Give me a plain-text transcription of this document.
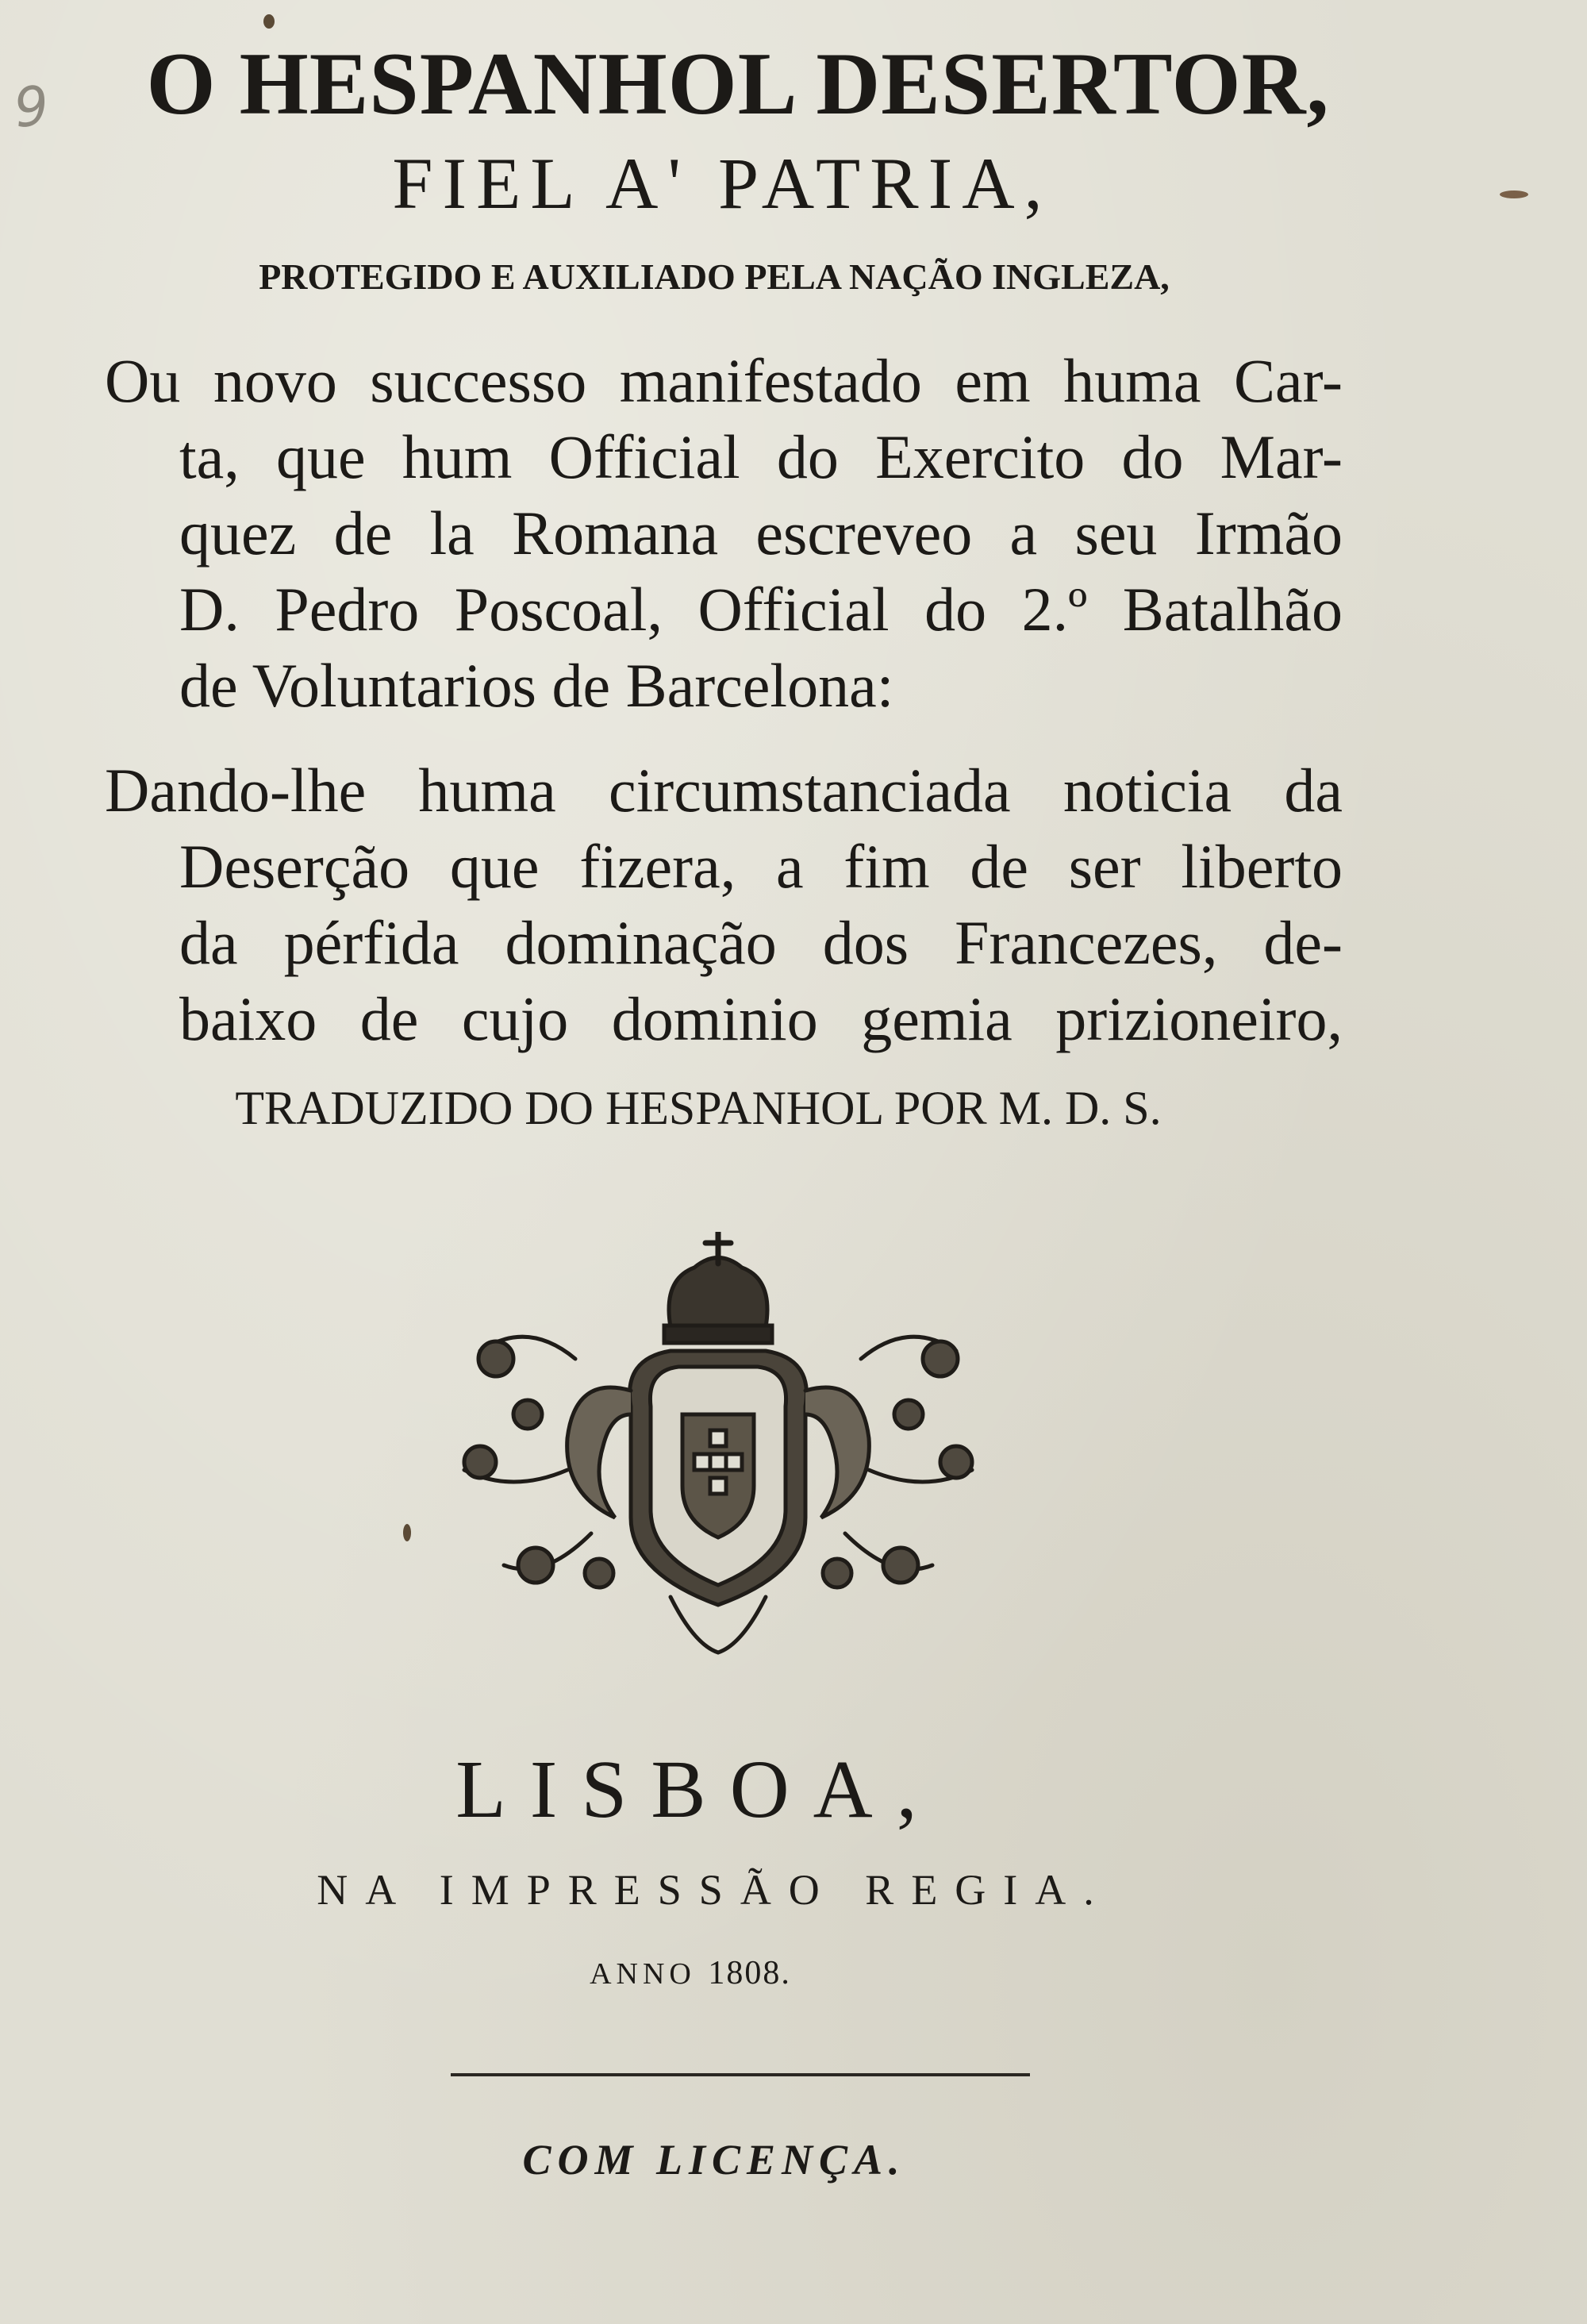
9	O HESPANHOL DESERTOR,
FIEL A' PATRIA,
PROTEGIDO E AUXILIADO PELA NAÇÃO INGLEZA,
Ou novo successo manifestado em huma Car-
ta, que hum Official do Exercito do Mar-
quez de la Romana escreveo a seu Irmão
D. Pedro Poscoal, Official do 2.º Batalhão
de Voluntarios de Barcelona:
Dando-lhe huma circumstanciada noticia da
Deserção que fizera, a fim de ser liberto
da pérfida dominação dos Francezes, de-
baixo de cujo dominio gemia prizioneiro,
TRADUZIDO DO HESPANHOL POR M. D. S.
LISBOA,
NA IMPRESSÃO REGIA.
ANNO 1808.
COM LICENÇA.
